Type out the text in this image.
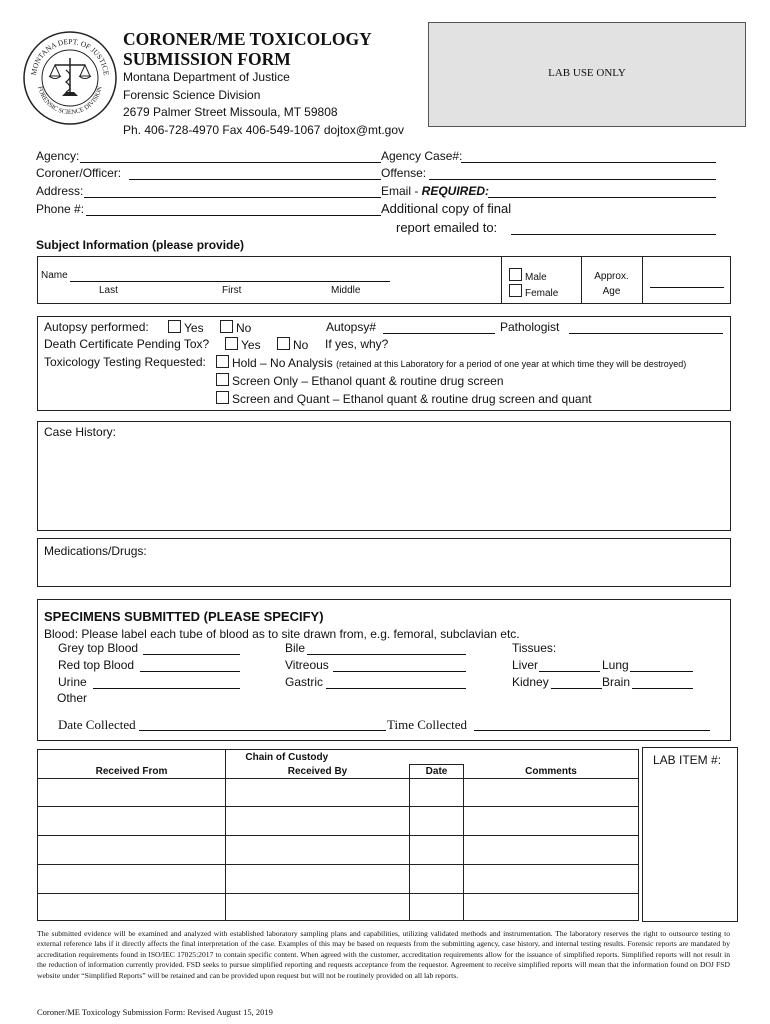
MONTANA DEPT. OF JUSTICE
FORENSIC SCIENCE DIVISION
CORONER/ME TOXICOLOGY
SUBMISSION FORM
Montana Department of Justice
Forensic Science Division
2679 Palmer Street Missoula, MT 59808
Ph. 406-728-4970 Fax 406-549-1067 dojtox@mt.gov
LAB USE ONLY
Agency:
Coroner/Officer:
Address:
Phone #:
Agency Case#:
Offense:
Email - REQUIRED:
Additional copy of final
report emailed to:
Subject Information (please provide)
Name
Last	First	Middle
Male
Female
Approx.
Age
Autopsy performed:	Yes	No	Autopsy#	Pathologist
Death Certificate Pending Tox?	Yes	No If yes, why?
Toxicology Testing Requested:	Hold – No Analysis (retained at this Laboratory for a period of one year at which time they will be destroyed)
Screen Only – Ethanol quant & routine drug screen
Screen and Quant – Ethanol quant & routine drug screen and quant
Case History:
Medications/Drugs:
SPECIMENS SUBMITTED (PLEASE SPECIFY)
Blood: Please label each tube of blood as to site drawn from, e.g. femoral, subclavian etc.
Grey top Blood
Red top Blood
Urine
Other
Bile
Vitreous
Gastric
Tissues:
Liver	Lung
Kidney	Brain
Date Collected	Time Collected
	Chain of Custody		
Received From	Received By	Date	Comments

LAB ITEM #:
The submitted evidence will be examined and analyzed with established laboratory sampling plans and capabilities, utilizing validated methods and instrumentation. The laboratory reserves the right to outsource testing to external reference labs if it directly affects the final interpretation of the case. Examples of this may be based on requests from the submitting agency, case history, and internal testing results. Forensic reports are mandated by accreditation requirements found in ISO/IEC 17025:2017 to contain specific content. When agreed with the customer, accreditation requirements allow for the issuance of simplified reports. Simplified reports will not result in the reduction of information currently provided. FSD seeks to pursue simplified reporting and requests acceptance from the requestor. Agreement to receive simplified reports will mean that the information found on DOJ FSD website under “Simplified Reports” will be retained and can be provided upon request but will not be routinely provided on all lab reports.
Coroner/ME Toxicology Submission Form: Revised August 15, 2019
